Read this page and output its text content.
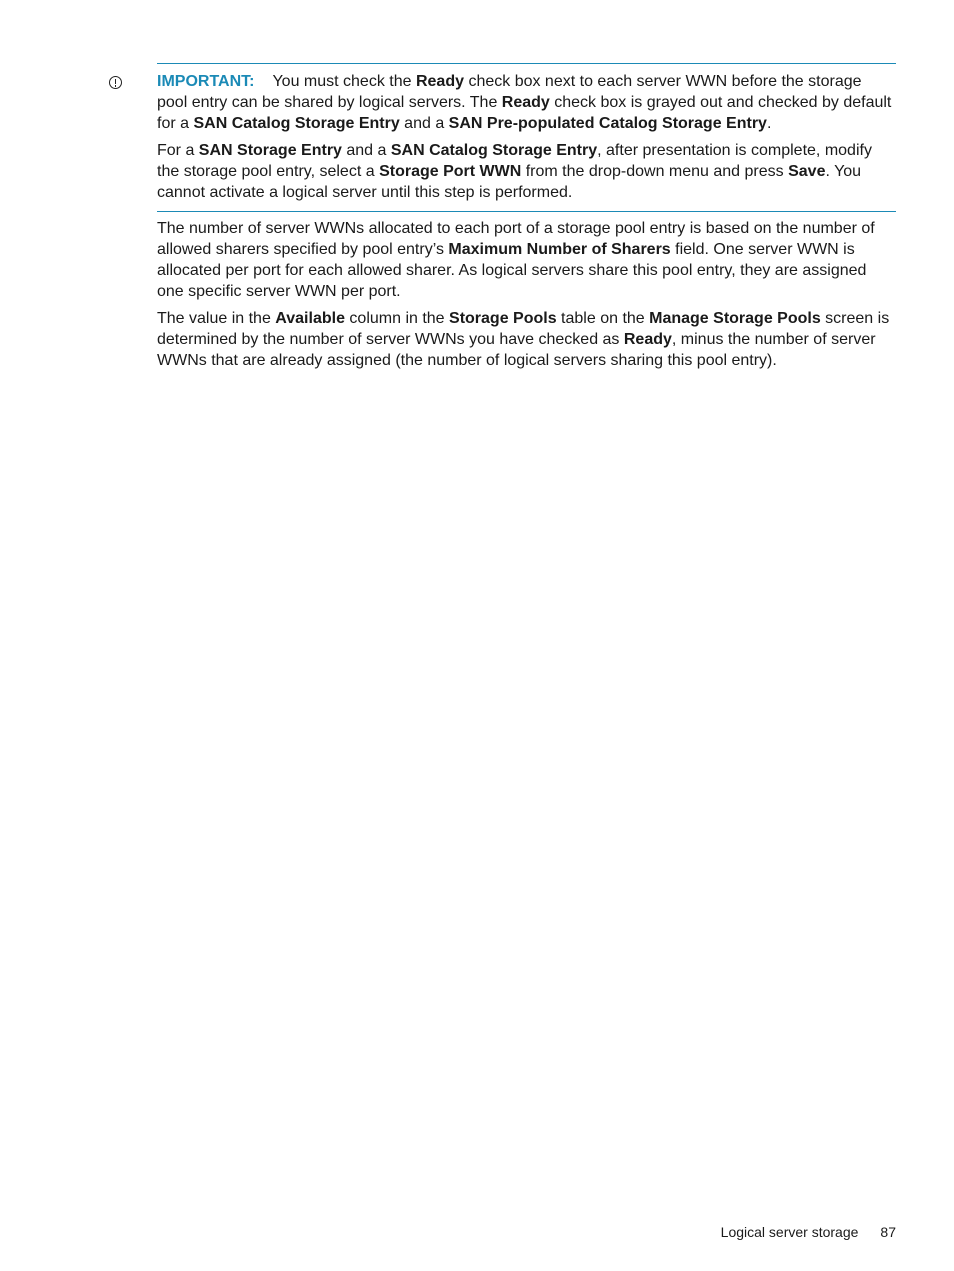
IMPORTANT: You must check the Ready check box next to each server WWN before the storage pool entry can be shared by logical servers. The Ready check box is grayed out and checked by default for a SAN Catalog Storage Entry and a SAN Pre-populated Catalog Storage Entry.

For a SAN Storage Entry and a SAN Catalog Storage Entry, after presentation is complete, modify the storage pool entry, select a Storage Port WWN from the drop-down menu and press Save. You cannot activate a logical server until this step is performed.

The number of server WWNs allocated to each port of a storage pool entry is based on the number of allowed sharers specified by pool entry’s Maximum Number of Sharers field. One server WWN is allocated per port for each allowed sharer. As logical servers share this pool entry, they are assigned one specific server WWN per port.

The value in the Available column in the Storage Pools table on the Manage Storage Pools screen is determined by the number of server WWNs you have checked as Ready, minus the number of server WWNs that are already assigned (the number of logical servers sharing this pool entry).

Logical server storage 87
